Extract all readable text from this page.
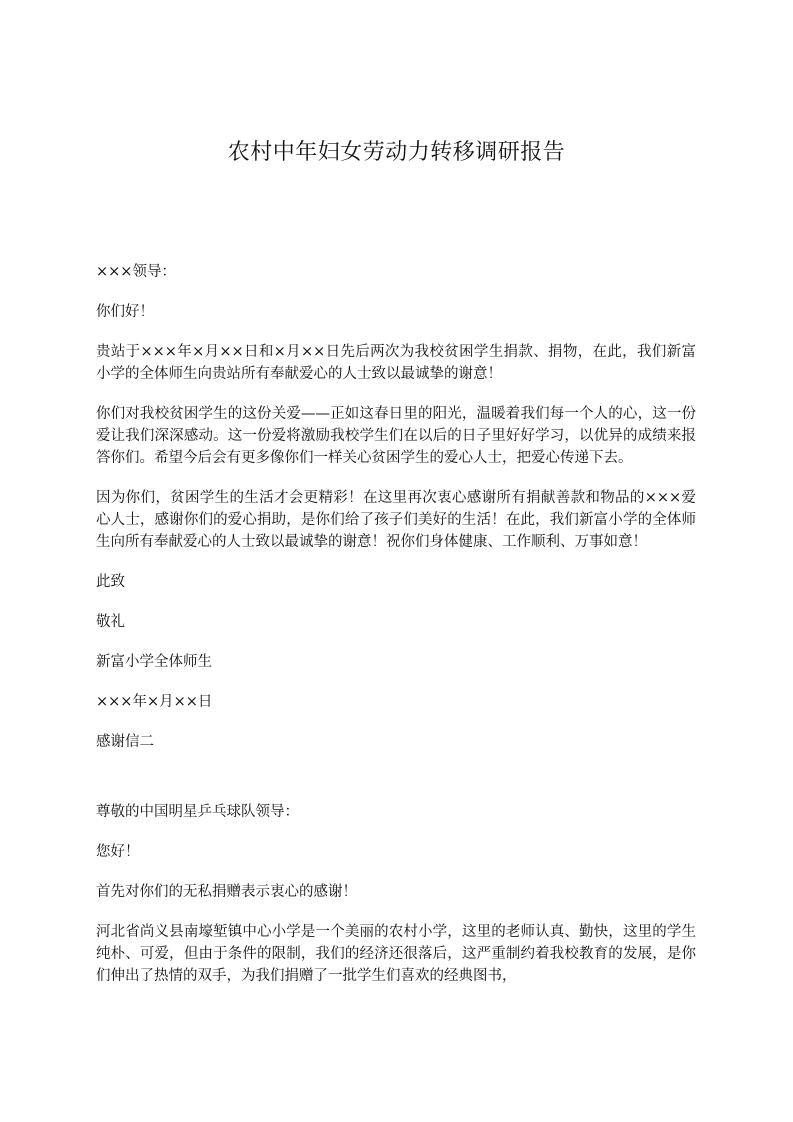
农村中年妇女劳动力转移调研报告

×××领导：

你们好！

贵站于×××年×月××日和×月××日先后两次为我校贫困学生捐款、捐物，在此，我们新富小学的全体师生向贵站所有奉献爱心的人士致以最诚挚的谢意！

你们对我校贫困学生的这份关爱——正如这春日里的阳光，温暖着我们每一个人的心，这一份爱让我们深深感动。这一份爱将激励我校学生们在以后的日子里好好学习，以优异的成绩来报答你们。希望今后会有更多像你们一样关心贫困学生的爱心人士，把爱心传递下去。

因为你们，贫困学生的生活才会更精彩！在这里再次衷心感谢所有捐献善款和物品的×××爱心人士，感谢你们的爱心捐助，是你们给了孩子们美好的生活！在此，我们新富小学的全体师生向所有奉献爱心的人士致以最诚挚的谢意！祝你们身体健康、工作顺利、万事如意！

此致

敬礼

新富小学全体师生

×××年×月××日

感谢信二

尊敬的中国明星乒乓球队领导：

您好！

首先对你们的无私捐赠表示衷心的感谢！

河北省尚义县南壕堑镇中心小学是一个美丽的农村小学，这里的老师认真、勤快，这里的学生纯朴、可爱，但由于条件的限制，我们的经济还很落后，这严重制约着我校教育的发展，是你们伸出了热情的双手，为我们捐赠了一批学生们喜欢的经典图书，
